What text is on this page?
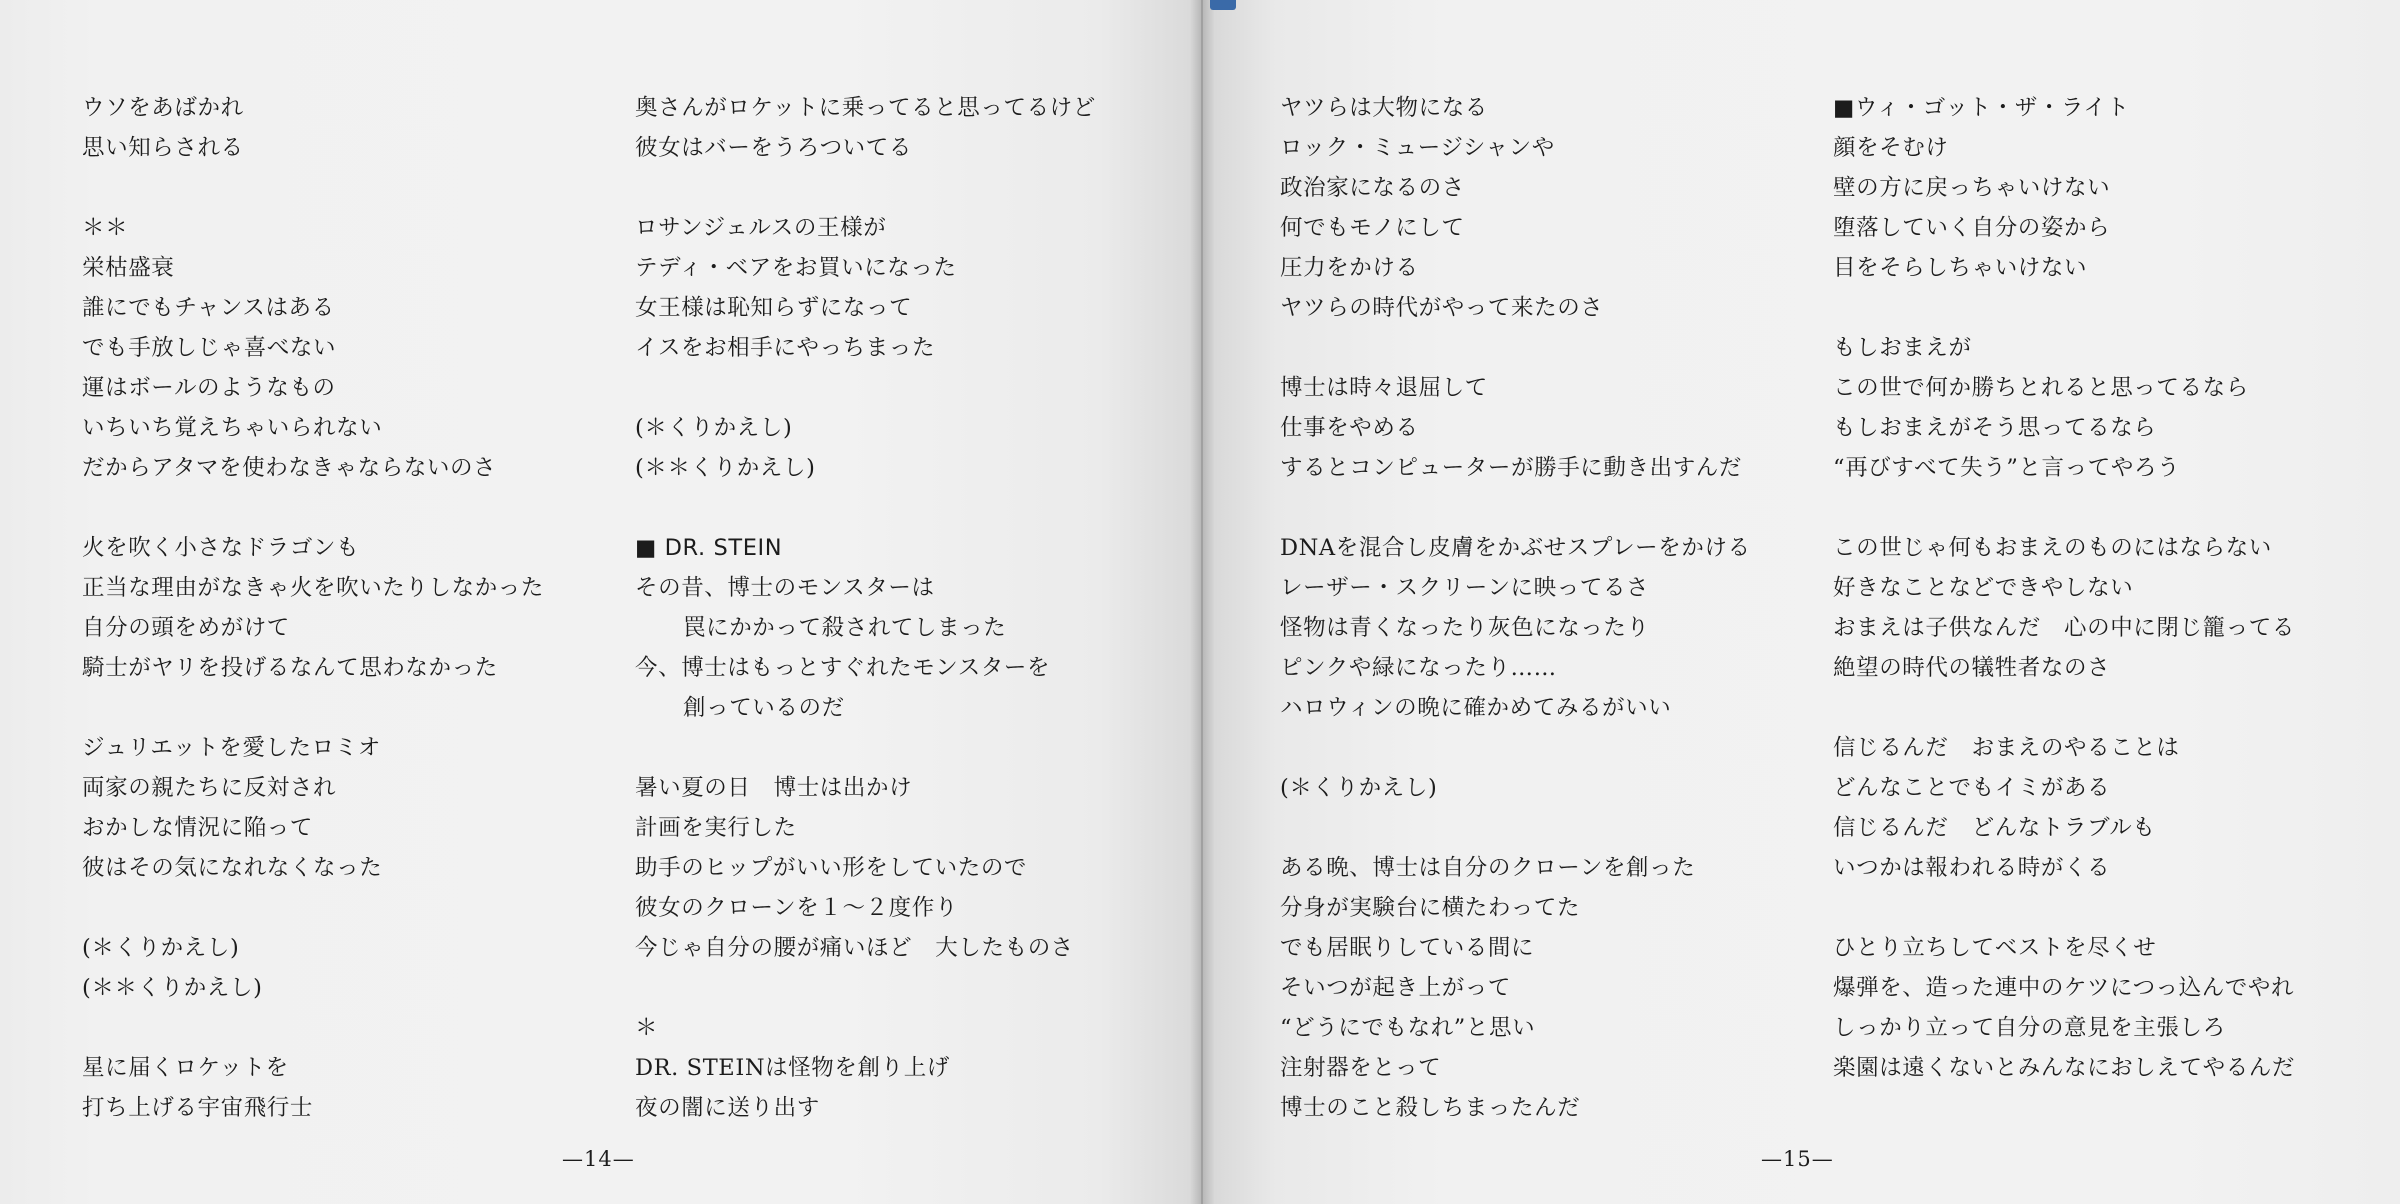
ウソをあばかれ
思い知らされる
＊＊
栄枯盛衰
誰にでもチャンスはある
でも手放しじゃ喜べない
運はボールのようなもの
いちいち覚えちゃいられない
だからアタマを使わなきゃならないのさ
火を吹く小さなドラゴンも
正当な理由がなきゃ火を吹いたりしなかった
自分の頭をめがけて
騎士がヤリを投げるなんて思わなかった
ジュリエットを愛したロミオ
両家の親たちに反対され
おかしな情況に陥って
彼はその気になれなくなった
(＊くりかえし)
(＊＊くりかえし)
星に届くロケットを
打ち上げる宇宙飛行士
奥さんがロケットに乗ってると思ってるけど
彼女はバーをうろついてる
ロサンジェルスの王様が
テディ・ベアをお買いになった
女王様は恥知らずになって
イスをお相手にやっちまった
(＊くりかえし)
(＊＊くりかえし)
■ DR. STEIN
その昔、博士のモンスターは
罠にかかって殺されてしまった
今、博士はもっとすぐれたモンスターを
創っているのだ
暑い夏の日　博士は出かけ
計画を実行した
助手のヒップがいい形をしていたので
彼女のクローンを１～２度作り
今じゃ自分の腰が痛いほど　大したものさ
＊
DR. STEINは怪物を創り上げ
夜の闇に送り出す
—14—
ヤツらは大物になる
ロック・ミュージシャンや
政治家になるのさ
何でもモノにして
圧力をかける
ヤツらの時代がやって来たのさ
博士は時々退屈して
仕事をやめる
するとコンピューターが勝手に動き出すんだ
DNAを混合し皮膚をかぶせスプレーをかける
レーザー・スクリーンに映ってるさ
怪物は青くなったり灰色になったり
ピンクや緑になったり……
ハロウィンの晩に確かめてみるがいい
(＊くりかえし)
ある晩、博士は自分のクローンを創った
分身が実験台に横たわってた
でも居眠りしている間に
そいつが起き上がって
“どうにでもなれ”と思い
注射器をとって
博士のこと殺しちまったんだ
■ウィ・ゴット・ザ・ライト
顔をそむけ
壁の方に戻っちゃいけない
堕落していく自分の姿から
目をそらしちゃいけない
もしおまえが
この世で何か勝ちとれると思ってるなら
もしおまえがそう思ってるなら
“再びすべて失う”と言ってやろう
この世じゃ何もおまえのものにはならない
好きなことなどできやしない
おまえは子供なんだ　心の中に閉じ籠ってる
絶望の時代の犠牲者なのさ
信じるんだ　おまえのやることは
どんなことでもイミがある
信じるんだ　どんなトラブルも
いつかは報われる時がくる
ひとり立ちしてベストを尽くせ
爆弾を、造った連中のケツにつっ込んでやれ
しっかり立って自分の意見を主張しろ
楽園は遠くないとみんなにおしえてやるんだ
—15—
